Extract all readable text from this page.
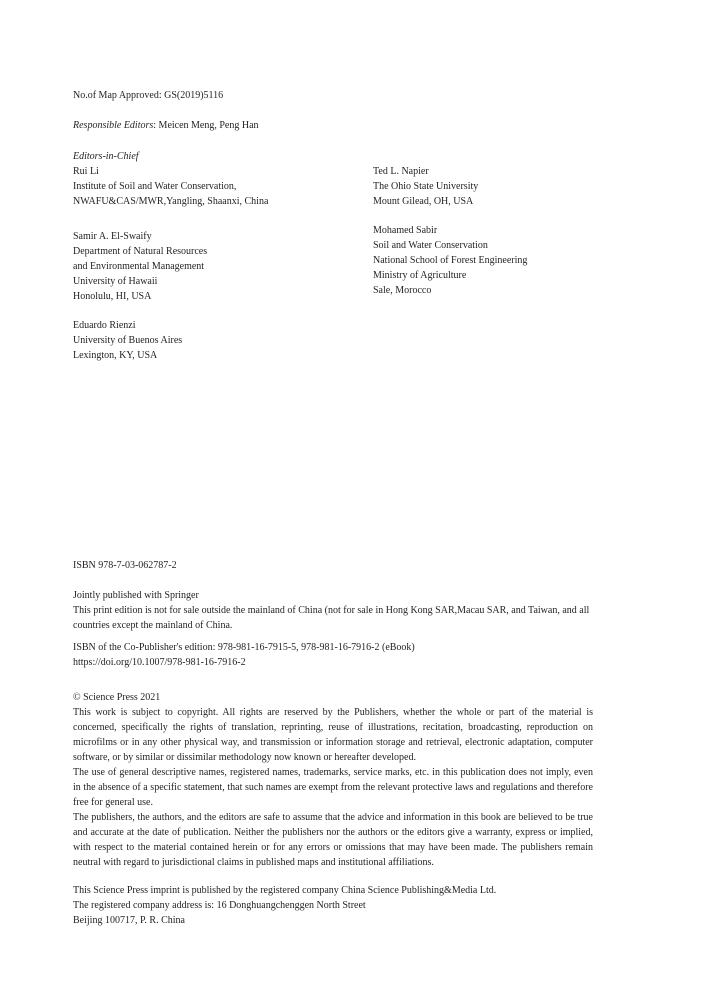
No.of Map Approved: GS(2019)5116
Responsible Editors: Meicen Meng, Peng Han
Editors-in-Chief
Rui Li
Institute of Soil and Water Conservation,
NWAFU&CAS/MWR,Yangling, Shaanxi, China
Samir A. El-Swaify
Department of Natural Resources
and Environmental Management
University of Hawaii
Honolulu, HI, USA
Eduardo Rienzi
University of Buenos Aires
Lexington, KY, USA
Ted L. Napier
The Ohio State University
Mount Gilead, OH, USA
Mohamed Sabir
Soil and Water Conservation
National School of Forest Engineering
Ministry of Agriculture
Sale, Morocco
ISBN 978-7-03-062787-2
Jointly published with Springer
This print edition is not for sale outside the mainland of China (not for sale in Hong Kong SAR,Macau SAR, and Taiwan, and all countries except the mainland of China.
ISBN of the Co-Publisher's edition: 978-981-16-7915-5, 978-981-16-7916-2 (eBook)
https://doi.org/10.1007/978-981-16-7916-2
© Science Press 2021
This work is subject to copyright. All rights are reserved by the Publishers, whether the whole or part of the material is concerned, specifically the rights of translation, reprinting, reuse of illustrations, recitation, broadcasting, reproduction on microfilms or in any other physical way, and transmission or information storage and retrieval, electronic adaptation, computer software, or by similar or dissimilar methodology now known or hereafter developed.
The use of general descriptive names, registered names, trademarks, service marks, etc. in this publication does not imply, even in the absence of a specific statement, that such names are exempt from the relevant protective laws and regulations and therefore free for general use.
The publishers, the authors, and the editors are safe to assume that the advice and information in this book are believed to be true and accurate at the date of publication. Neither the publishers nor the authors or the editors give a warranty, express or implied, with respect to the material contained herein or for any errors or omissions that may have been made. The publishers remain neutral with regard to jurisdictional claims in published maps and institutional affiliations.
This Science Press imprint is published by the registered company China Science Publishing&Media Ltd.
The registered company address is: 16 Donghuangchenggen North Street
Beijing 100717, P. R. China
